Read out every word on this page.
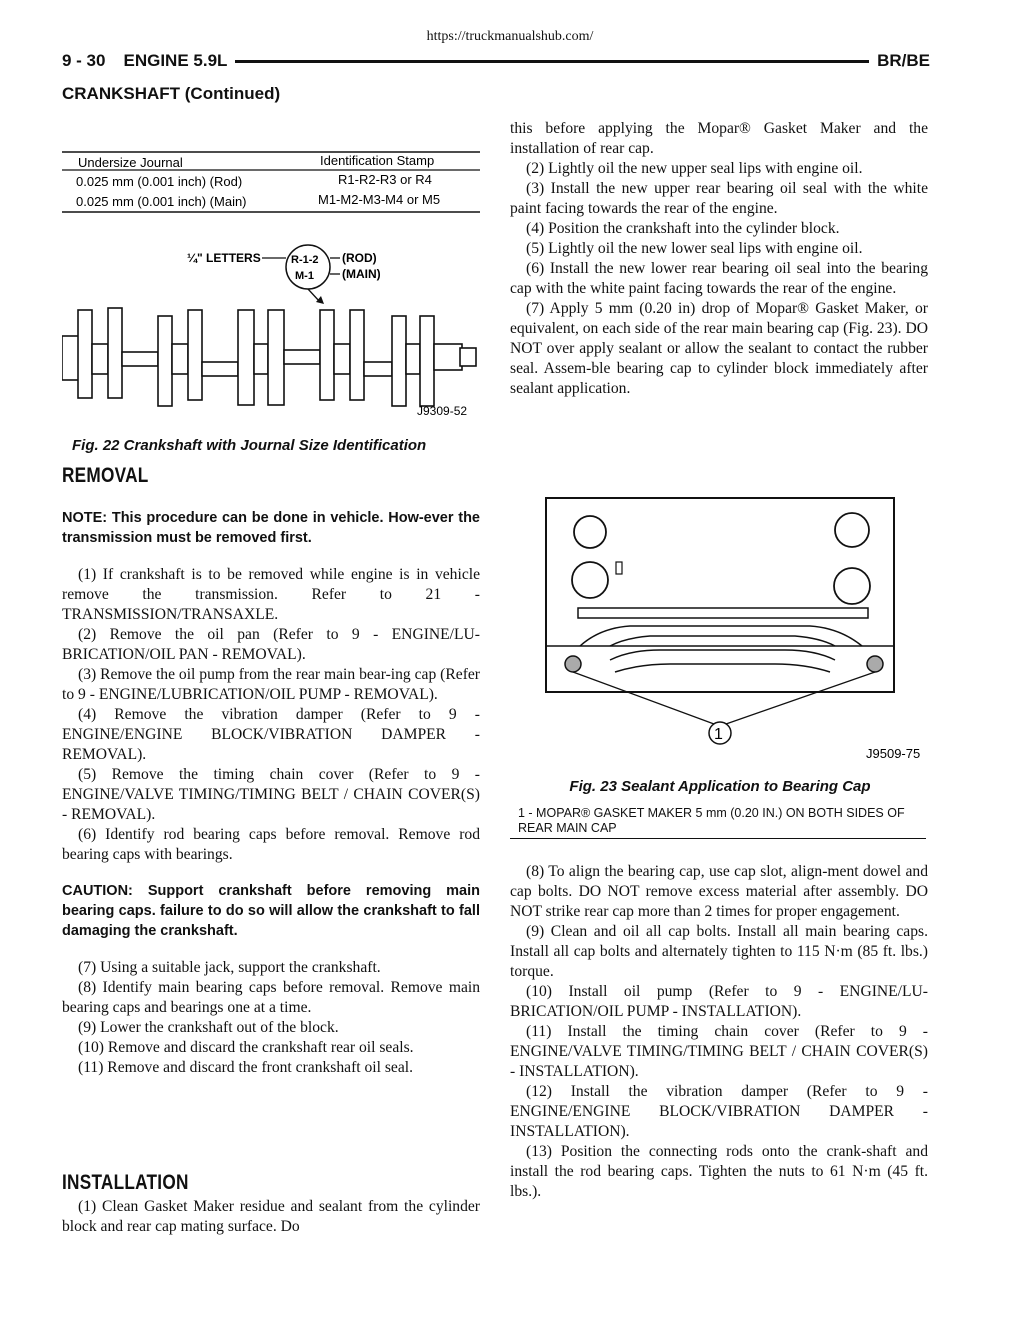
https://truckmanualshub.com/
9 - 30 ENGINE 5.9L	BR/BE
CRANKSHAFT (Continued)
Undersize Journal	Identification Stamp
0.025 mm (0.001 inch) (Rod)	R1-R2-R3 or R4
0.025 mm (0.001 inch) (Main)	M1-M2-M3-M4 or M5
¼" LETTERS	R-1-2
M-1
(ROD)
(MAIN)
J9309-52
Fig. 22 Crankshaft with Journal Size Identification
REMOVAL

NOTE: This procedure can be done in vehicle. How-ever the transmission must be removed first.

(1) If crankshaft is to be removed while engine is in vehicle remove the transmission. Refer to 21 - TRANSMISSION/TRANSAXLE.

(2) Remove the oil pan (Refer to 9 - ENGINE/LU-BRICATION/OIL PAN - REMOVAL).

(3) Remove the oil pump from the rear main bear-ing cap (Refer to 9 - ENGINE/LUBRICATION/OIL PUMP - REMOVAL).

(4) Remove the vibration damper (Refer to 9 - ENGINE/ENGINE BLOCK/VIBRATION DAMPER - REMOVAL).

(5) Remove the timing chain cover (Refer to 9 - ENGINE/VALVE TIMING/TIMING BELT / CHAIN COVER(S) - REMOVAL).

(6) Identify rod bearing caps before removal. Remove rod bearing caps with bearings.

CAUTION: Support crankshaft before removing main bearing caps. failure to do so will allow the crankshaft to fall damaging the crankshaft.

(7) Using a suitable jack, support the crankshaft.

(8) Identify main bearing caps before removal. Remove main bearing caps and bearings one at a time.

(9) Lower the crankshaft out of the block.

(10) Remove and discard the crankshaft rear oil seals.

(11) Remove and discard the front crankshaft oil seal.

INSTALLATION

(1) Clean Gasket Maker residue and sealant from the cylinder block and rear cap mating surface. Do

this before applying the Mopar® Gasket Maker and the installation of rear cap.

(2) Lightly oil the new upper seal lips with engine oil.

(3) Install the new upper rear bearing oil seal with the white paint facing towards the rear of the engine.

(4) Position the crankshaft into the cylinder block.

(5) Lightly oil the new lower seal lips with engine oil.

(6) Install the new lower rear bearing oil seal into the bearing cap with the white paint facing towards the rear of the engine.

(7) Apply 5 mm (0.20 in) drop of Mopar® Gasket Maker, or equivalent, on each side of the rear main bearing cap (Fig. 23). DO NOT over apply sealant or allow the sealant to contact the rubber seal. Assem-ble bearing cap to cylinder block immediately after sealant application.

1
J9509-75
Fig. 23 Sealant Application to Bearing Cap
1 - MOPAR® GASKET MAKER 5 mm (0.20 IN.) ON BOTH SIDES OF REAR MAIN CAP

(8) To align the bearing cap, use cap slot, align-ment dowel and cap bolts. DO NOT remove excess material after assembly. DO NOT strike rear cap more than 2 times for proper engagement.

(9) Clean and oil all cap bolts. Install all main bearing caps. Install all cap bolts and alternately tighten to 115 N·m (85 ft. lbs.) torque.

(10) Install oil pump (Refer to 9 - ENGINE/LU-BRICATION/OIL PUMP - INSTALLATION).

(11) Install the timing chain cover (Refer to 9 - ENGINE/VALVE TIMING/TIMING BELT / CHAIN COVER(S) - INSTALLATION).

(12) Install the vibration damper (Refer to 9 - ENGINE/ENGINE BLOCK/VIBRATION DAMPER - INSTALLATION).

(13) Position the connecting rods onto the crank-shaft and install the rod bearing caps. Tighten the nuts to 61 N·m (45 ft. lbs.).
